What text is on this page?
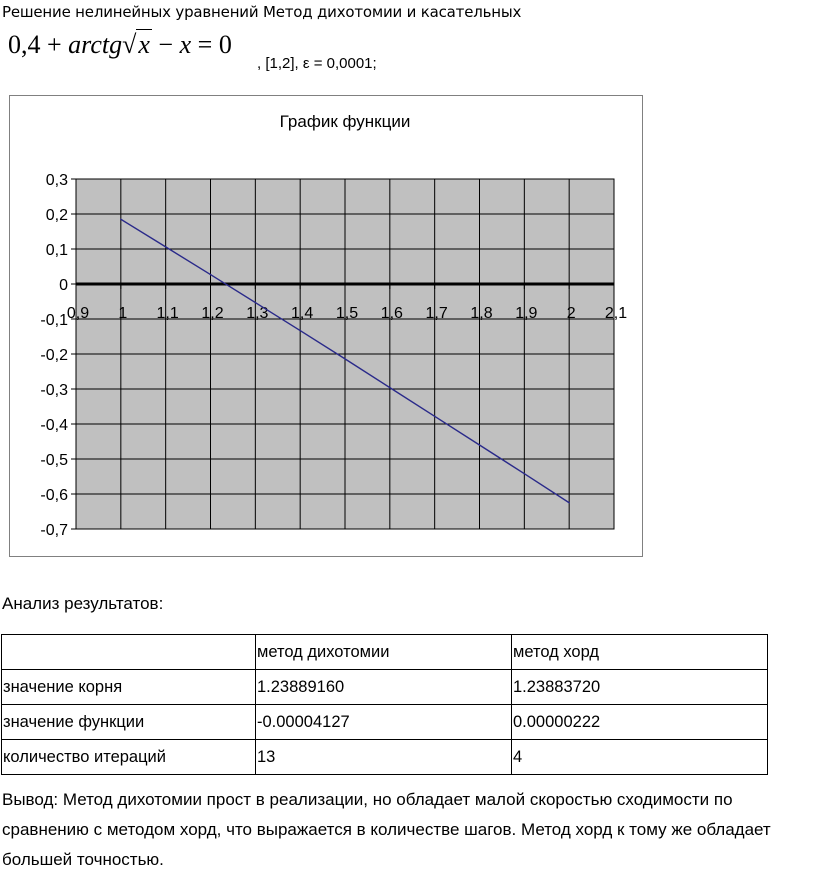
Решение нелинейных уравнений Метод дихотомии и касательных
0,4 + arctg√x − x = 0
, [1,2], ε = 0,0001;
График функции
0,3
0,2
0,1
0
-0,1
-0,2
-0,3
-0,4
-0,5
-0,6
-0,7
0,9 1 1,1 1,2 1,3 1,4 1,5 1,6 1,7 1,8 1,9 2 2,1
Анализ результатов:
	метод дихотомии	метод хорд
значение корня	1.23889160	1.23883720
значение функции	-0.00004127	0.00000222
количество итераций	13	4
Вывод: Метод дихотомии прост в реализации, но обладает малой скоростью сходимости по сравнению с методом хорд, что выражается в количестве шагов. Метод хорд к тому же обладает большей точностью.
